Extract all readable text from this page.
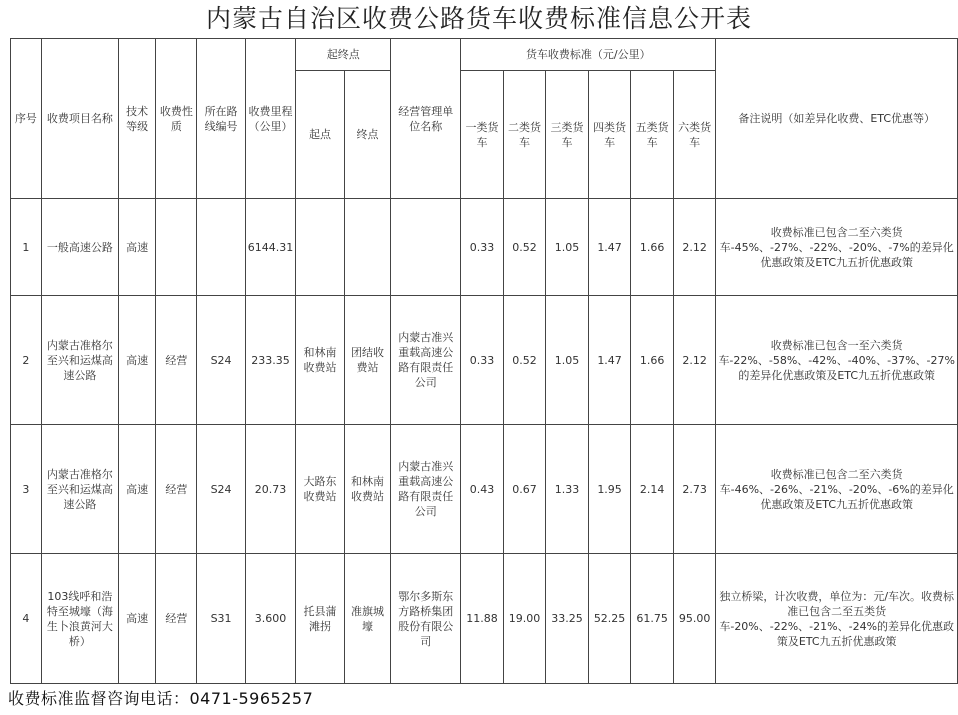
内蒙古自治区收费公路货车收费标准信息公开表
序号	收费项目名称	技术等级	收费性质	所在路线编号	收费里程（公里）	起终点		经营管理单位名称	货车收费标准（元/公里）						备注说明（如差异化收费、ETC优惠等）
						起点	终点		一类货车	二类货车	三类货车	四类货车	五类货车	六类货车	
1	一般高速公路	高速			6144.31				0.33	0.52	1.05	1.47	1.66	2.12	收费标准已包含二至六类货车-45%、-27%、-22%、-20%、-7%的差异化优惠政策及ETC九五折优惠政策
2	内蒙古准格尔至兴和运煤高速公路	高速	经营	S24	233.35	和林南收费站	团结收费站	内蒙古准兴重载高速公路有限责任公司	0.33	0.52	1.05	1.47	1.66	2.12	收费标准已包含一至六类货车-22%、-58%、-42%、-40%、-37%、-27%的差异化优惠政策及ETC九五折优惠政策
3	内蒙古准格尔至兴和运煤高速公路	高速	经营	S24	20.73	大路东收费站	和林南收费站	内蒙古准兴重载高速公路有限责任公司	0.43	0.67	1.33	1.95	2.14	2.73	收费标准已包含二至六类货车-46%、-26%、-21%、-20%、-6%的差异化优惠政策及ETC九五折优惠政策
4	103线呼和浩特至城壕（海生卜浪黄河大桥）	高速	经营	S31	3.600	托县蒲滩拐	准旗城壕	鄂尔多斯东方路桥集团股份有限公司	11.88	19.00	33.25	52.25	61.75	95.00	独立桥梁，计次收费，单位为：元/车次。收费标准已包含二至五类货车-20%、-22%、-21%、-24%的差异化优惠政策及ETC九五折优惠政策
收费标准监督咨询电话：0471-5965257
